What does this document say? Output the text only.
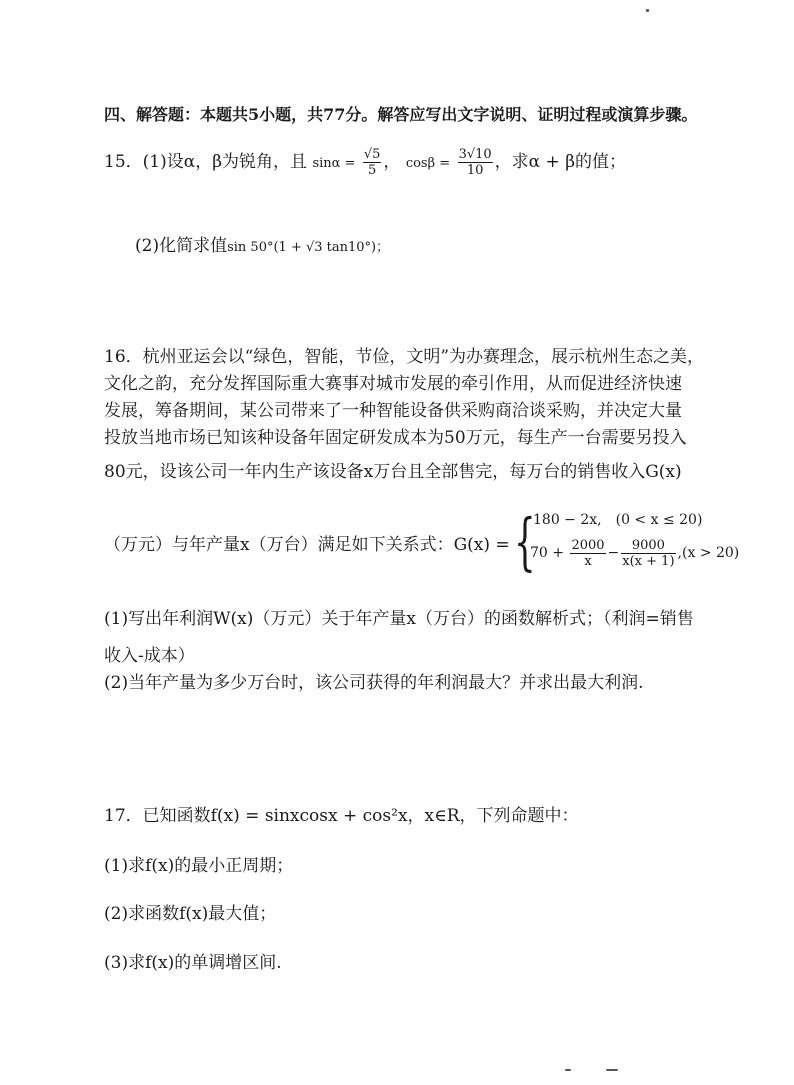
四、解答题：本题共5小题，共77分。解答应写出文字说明、证明过程或演算步骤。
15．(1)设α，β为锐角，且 $\sin\alpha = \frac{√5}{5}$ ， $\cos\beta = \frac{3√10}{10}$ ，求α + β的值；
(2)化简求值sin 50°(1 + √3 tan10°)；
16．杭州亚运会以“绿色，智能，节俭，文明”为办赛理念，展示杭州生态之美，
文化之韵，充分发挥国际重大赛事对城市发展的牵引作用，从而促进经济快速
发展，筹备期间，某公司带来了一种智能设备供采购商洽谈采购，并决定大量
投放当地市场已知该种设备年固定研发成本为50万元，每生产一台需要另投入
80元，设该公司一年内生产该设备x万台且全部售完，每万台的销售收入G(x)
（万元）与年产量x（万台）满足如下关系式：G(x) = {
180 − 2x,　(0 < x ≤ 20)
$70 + \frac{2000}{x} - \frac{9000}{x(x + 1)} ,(x > 20)$
(1)写出年利润W(x)（万元）关于年产量x（万台）的函数解析式；（利润=销售
收入-成本）
(2)当年产量为多少万台时，该公司获得的年利润最大？并求出最大利润.
17．已知函数f(x) = sinxcosx + cos²x，x∈R，下列命题中：
(1)求f(x)的最小正周期；
(2)求函数f(x)最大值；
(3)求f(x)的单调增区间.
